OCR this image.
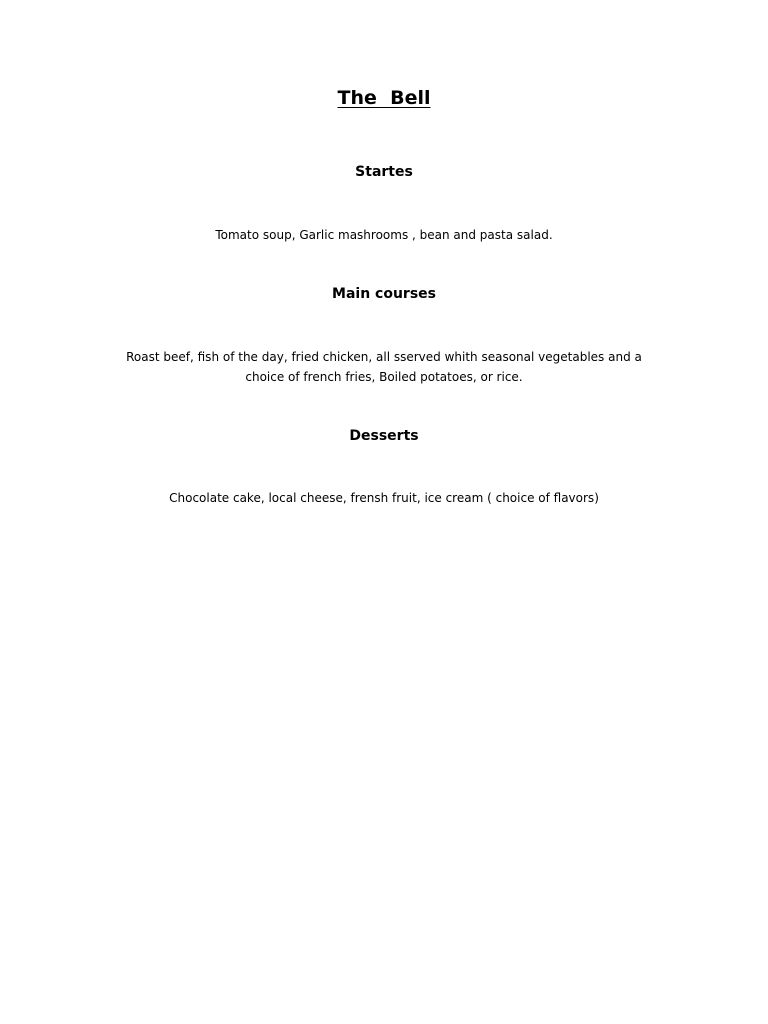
The  Bell
Startes

Tomato soup, Garlic mashrooms , bean and pasta salad.

Main courses

Roast beef, fish of the day, fried chicken, all sserved whith seasonal vegetables and a

choice of french fries, Boiled potatoes, or rice.

Desserts

Chocolate cake, local cheese, frensh fruit, ice cream ( choice of flavors)
